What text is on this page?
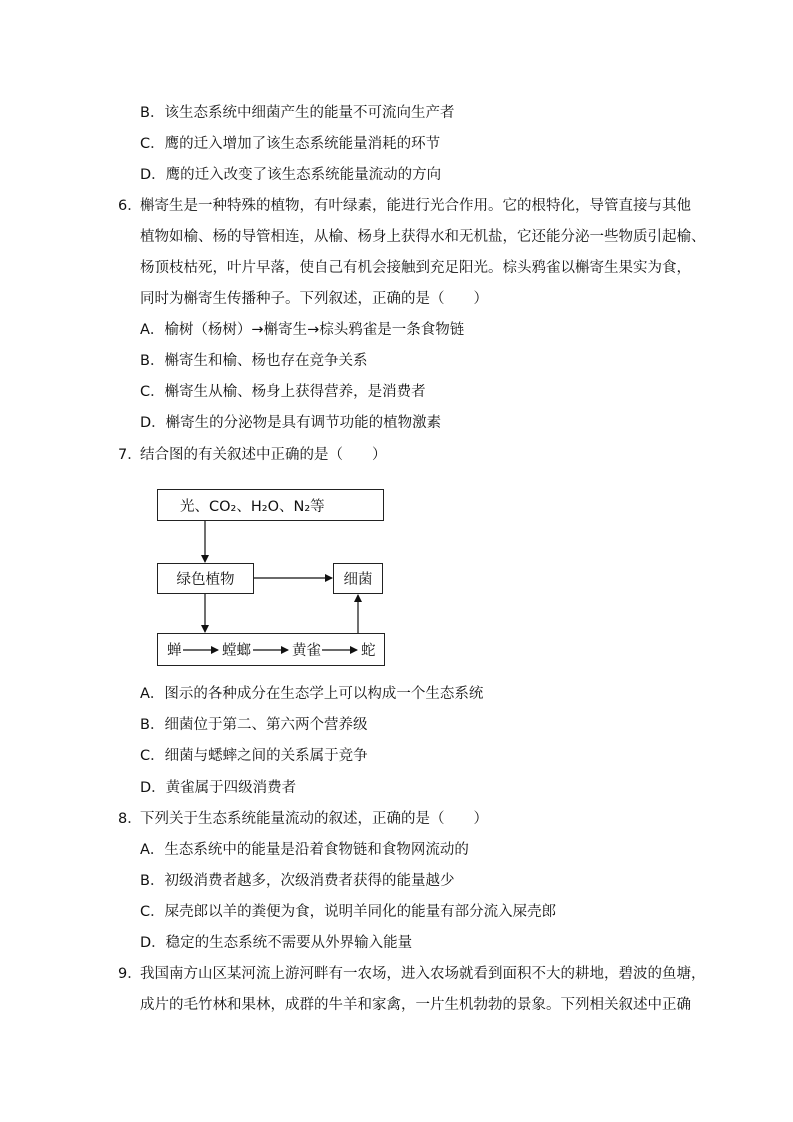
B．该生态系统中细菌产生的能量不可流向生产者
C．鹰的迁入增加了该生态系统能量消耗的环节
D．鹰的迁入改变了该生态系统能量流动的方向
6．
槲寄生是一种特殊的植物，有叶绿素，能进行光合作用。它的根特化，导管直接与其他
植物如榆、杨的导管相连，从榆、杨身上获得水和无机盐，它还能分泌一些物质引起榆、
杨顶枝枯死，叶片早落，使自己有机会接触到充足阳光。棕头鸦雀以槲寄生果实为食，
同时为槲寄生传播种子。下列叙述，正确的是（　　）
A．榆树（杨树）→槲寄生→棕头鸦雀是一条食物链
B．槲寄生和榆、杨也存在竞争关系
C．槲寄生从榆、杨身上获得营养，是消费者
D．槲寄生的分泌物是具有调节功能的植物激素
7．
结合图的有关叙述中正确的是（　　）
光、CO₂、H₂O、N₂等
绿色植物	细菌
蝉	螳螂	黄雀	蛇
A．图示的各种成分在生态学上可以构成一个生态系统
B．细菌位于第二、第六两个营养级
C．细菌与蟋蟀之间的关系属于竞争
D．黄雀属于四级消费者
8．
下列关于生态系统能量流动的叙述，正确的是（　　）
A．生态系统中的能量是沿着食物链和食物网流动的
B．初级消费者越多，次级消费者获得的能量越少
C．屎壳郎以羊的粪便为食，说明羊同化的能量有部分流入屎壳郎
D．稳定的生态系统不需要从外界输入能量
9．
我国南方山区某河流上游河畔有一农场，进入农场就看到面积不大的耕地，碧波的鱼塘，
成片的毛竹林和果林，成群的牛羊和家禽，一片生机勃勃的景象。下列相关叙述中正确
